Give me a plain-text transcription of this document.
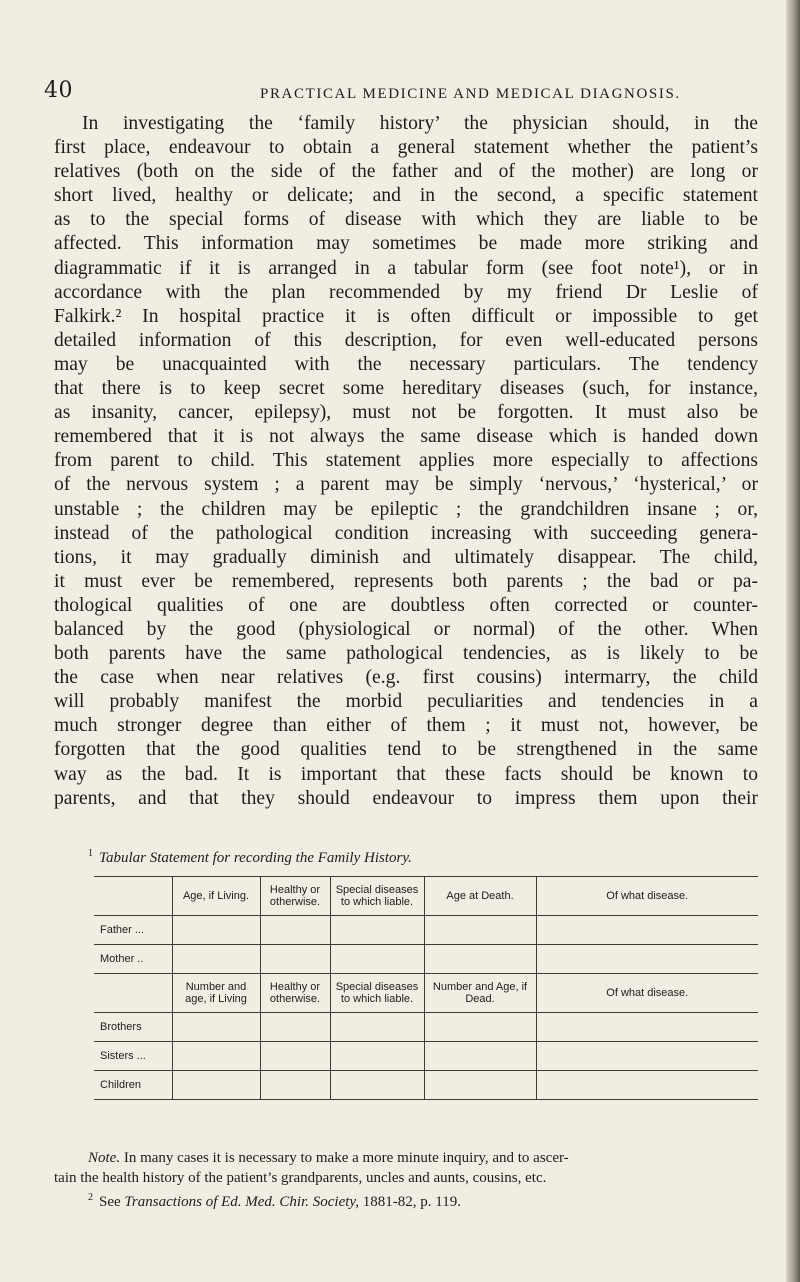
40	PRACTICAL MEDICINE AND MEDICAL DIAGNOSIS.
In investigating the ‘family history’ the physician should, in the
first place, endeavour to obtain a general statement whether the patient’s
relatives (both on the side of the father and of the mother) are long or
short lived, healthy or delicate; and in the second, a specific statement
as to the special forms of disease with which they are liable to be
affected. This information may sometimes be made more striking and
diagrammatic if it is arranged in a tabular form (see foot note¹), or in
accordance with the plan recommended by my friend Dr Leslie of
Falkirk.² In hospital practice it is often difficult or impossible to get
detailed information of this description, for even well-educated persons
may be unacquainted with the necessary particulars. The tendency
that there is to keep secret some hereditary diseases (such, for instance,
as insanity, cancer, epilepsy), must not be forgotten. It must also be
remembered that it is not always the same disease which is handed down
from parent to child. This statement applies more especially to affections
of the nervous system ; a parent may be simply ‘nervous,’ ‘hysterical,’ or
unstable ; the children may be epileptic ; the grandchildren insane ; or,
instead of the pathological condition increasing with succeeding genera-
tions, it may gradually diminish and ultimately disappear. The child,
it must ever be remembered, represents both parents ; the bad or pa-
thological qualities of one are doubtless often corrected or counter-
balanced by the good (physiological or normal) of the other. When
both parents have the same pathological tendencies, as is likely to be
the case when near relatives (e.g. first cousins) intermarry, the child
will probably manifest the morbid peculiarities and tendencies in a
much stronger degree than either of them ; it must not, however, be
forgotten that the good qualities tend to be strengthened in the same
way as the bad. It is important that these facts should be known to
parents, and that they should endeavour to impress them upon their
$^1$ Tabular Statement for recording the Family History.
	Age, if Living.	Healthy or otherwise.	Special diseases to which liable.	Age at Death.	Of what disease.
Father ...					
Mother ..					
	Number and age, if Living	Healthy or otherwise.	Special diseases to which liable.	Number and Age, if Dead.	Of what disease.
Brothers					
Sisters ...					
Children					

Note. In many cases it is necessary to make a more minute inquiry, and to ascer-

tain the health history of the patient’s grandparents, uncles and aunts, cousins, etc.

$^2$ See Transactions of Ed. Med. Chir. Society, 1881-82, p. 119.
